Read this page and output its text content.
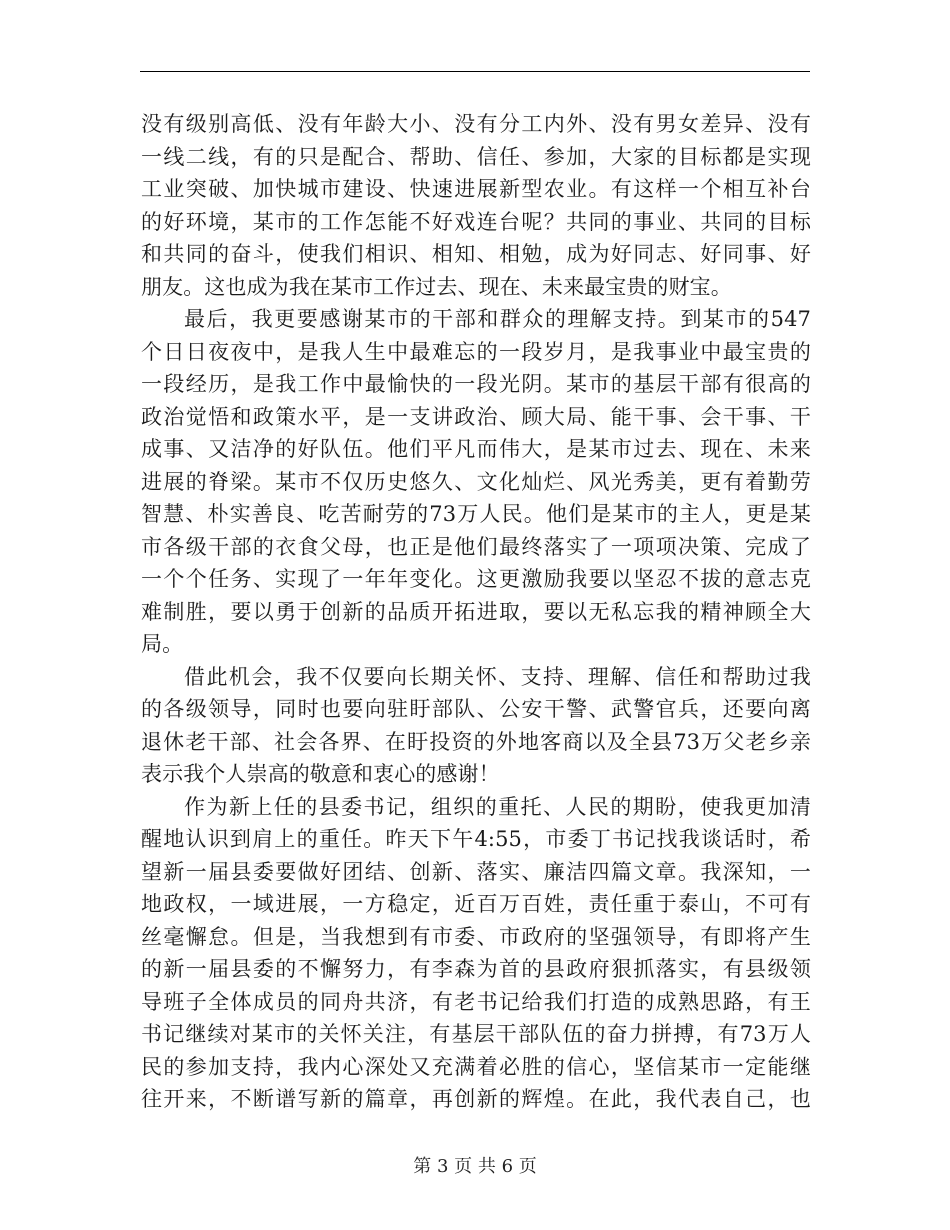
没有级别高低、没有年龄大小、没有分工内外、没有男女差异、没有
一线二线，有的只是配合、帮助、信任、参加，大家的目标都是实现
工业突破、加快城市建设、快速进展新型农业。有这样一个相互补台
的好环境，某市的工作怎能不好戏连台呢？共同的事业、共同的目标
和共同的奋斗，使我们相识、相知、相勉，成为好同志、好同事、好
朋友。这也成为我在某市工作过去、现在、未来最宝贵的财宝。
最后，我更要感谢某市的干部和群众的理解支持。到某市的547
个日日夜夜中，是我人生中最难忘的一段岁月，是我事业中最宝贵的
一段经历，是我工作中最愉快的一段光阴。某市的基层干部有很高的
政治觉悟和政策水平，是一支讲政治、顾大局、能干事、会干事、干
成事、又洁净的好队伍。他们平凡而伟大，是某市过去、现在、未来
进展的脊梁。某市不仅历史悠久、文化灿烂、风光秀美，更有着勤劳
智慧、朴实善良、吃苦耐劳的73万人民。他们是某市的主人，更是某
市各级干部的衣食父母，也正是他们最终落实了一项项决策、完成了
一个个任务、实现了一年年变化。这更激励我要以坚忍不拔的意志克
难制胜，要以勇于创新的品质开拓进取，要以无私忘我的精神顾全大
局。
借此机会，我不仅要向长期关怀、支持、理解、信任和帮助过我
的各级领导，同时也要向驻盱部队、公安干警、武警官兵，还要向离
退休老干部、社会各界、在盱投资的外地客商以及全县73万父老乡亲
表示我个人崇高的敬意和衷心的感谢！
作为新上任的县委书记，组织的重托、人民的期盼，使我更加清
醒地认识到肩上的重任。昨天下午4:55，市委丁书记找我谈话时，希
望新一届县委要做好团结、创新、落实、廉洁四篇文章。我深知，一
地政权，一域进展，一方稳定，近百万百姓，责任重于泰山，不可有
丝毫懈怠。但是，当我想到有市委、市政府的坚强领导，有即将产生
的新一届县委的不懈努力，有李森为首的县政府狠抓落实，有县级领
导班子全体成员的同舟共济，有老书记给我们打造的成熟思路，有王
书记继续对某市的关怀关注，有基层干部队伍的奋力拼搏，有73万人
民的参加支持，我内心深处又充满着必胜的信心，坚信某市一定能继
往开来，不断谱写新的篇章，再创新的辉煌。在此，我代表自己，也
第 3 页 共 6 页
